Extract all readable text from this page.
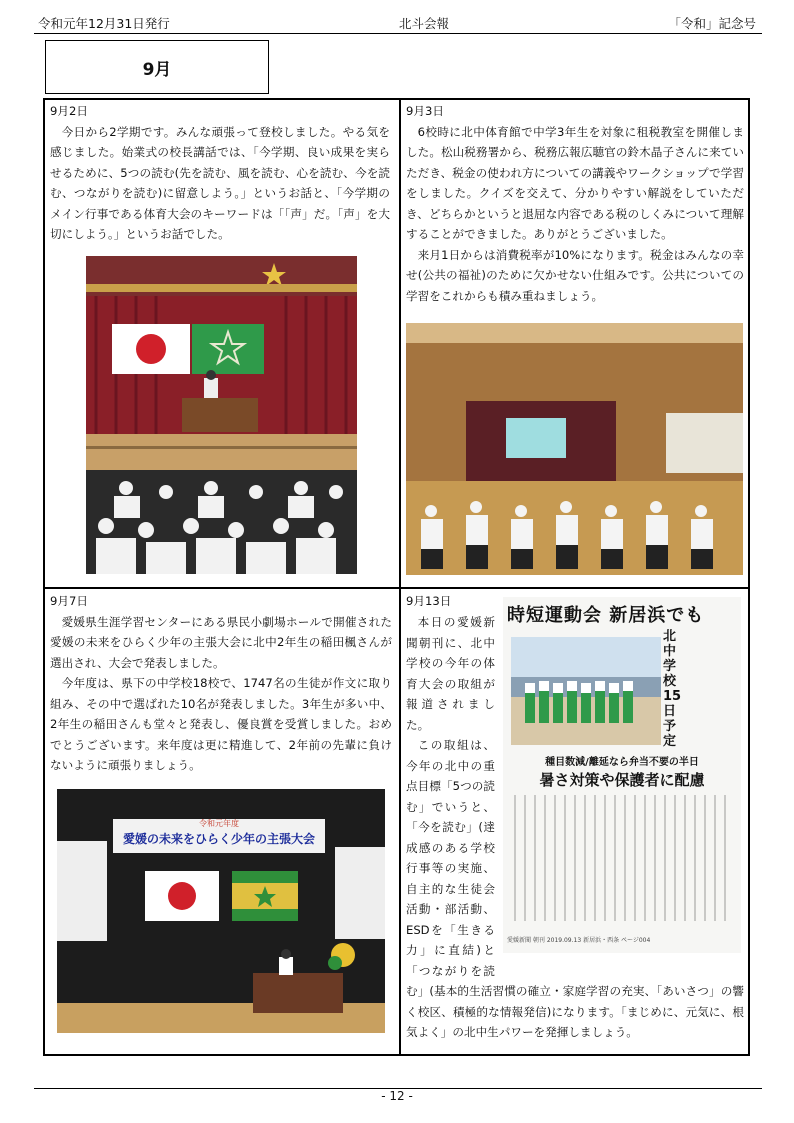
令和元年12月31日発行	北斗会報	「令和」記念号
9月
9月2日

今日から2学期です。みんな頑張って登校しました。やる気を感じました。始業式の校長講話では、「今学期、良い成果を実らせるために、5つの読む(先を読む、風を読む、心を読む、今を読む、つながりを読む)に留意しよう。」というお話と、「今学期のメイン行事である体育大会のキーワードは「「声」だ。「声」を大切にしよう。」というお話でした。

9月3日

6校時に北中体育館で中学3年生を対象に租税教室を開催しました。松山税務署から、税務広報広聴官の鈴木晶子さんに来ていただき、税金の使われ方についての講義やワークショップで学習をしました。クイズを交えて、分かりやすい解説をしていただき、どちらかというと退屈な内容である税のしくみについて理解することができました。ありがとうございました。

来月1日からは消費税率が10%になります。税金はみんなの幸せ(公共の福祉)のために欠かせない仕組みです。公共についての学習をこれからも積み重ねましょう。

9月7日

愛媛県生涯学習センターにある県民小劇場ホールで開催された愛媛の未来をひらく少年の主張大会に北中2年生の稲田楓さんが選出され、大会で発表しました。

今年度は、県下の中学校18校で、1747名の生徒が作文に取り組み、その中で選ばれた10名が発表しました。3年生が多い中、2年生の稲田さんも堂々と発表し、優良賞を受賞しました。おめでとうございます。来年度は更に精進して、2年前の先輩に負けないように頑張りましょう。

令和元年度
愛媛の未来をひらく少年の主張大会
9月13日

本日の愛媛新聞朝刊に、北中学校の今年の体育大会の取組が報道されました。

この取組は、今年の北中の重点目標「5つの読む」でいうと、「今を読む」(達成感のある学校行事等の実施、自主的な生徒会活動・部活動、ESDを「生きる力」に直結)と「つながりを読む」(基本的生活習慣の確立・家庭学習の充実、「あいさつ」の響く校区、積極的な情報発信)になります。「まじめに、元気に、根気よく」の北中生パワーを発揮しましょう。

時短運動会 新居浜でも
北中学校15日予定
種目数減/離延なら弁当不要の半日
暑さ対策や保護者に配慮
愛媛新聞 朝刊 2019.09.13 新居浜・西条 ページ004
- 12 -
